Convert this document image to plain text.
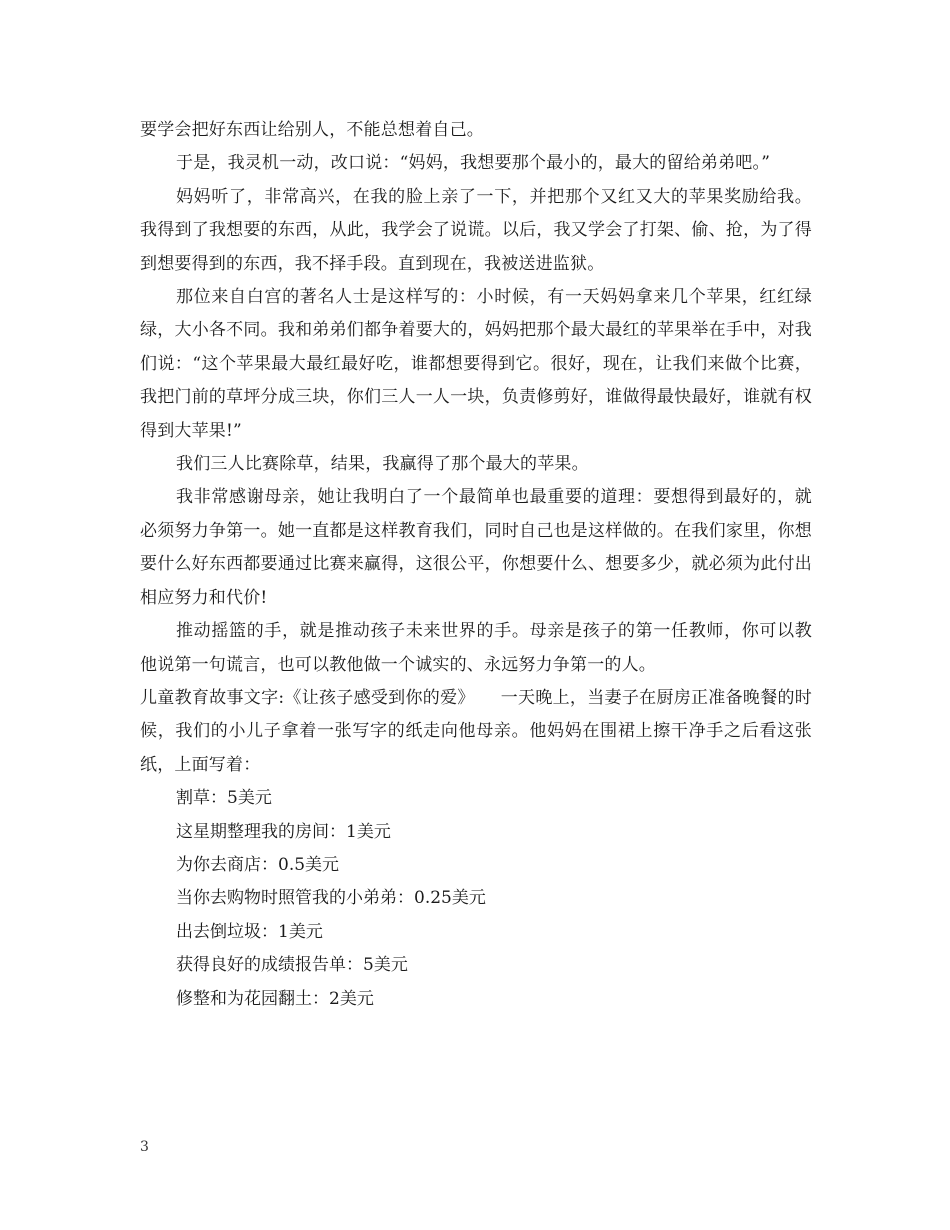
要学会把好东西让给别人，不能总想着自己。

于是，我灵机一动，改口说：“妈妈，我想要那个最小的，最大的留给弟弟吧。”

妈妈听了，非常高兴，在我的脸上亲了一下，并把那个又红又大的苹果奖励给我。我得到了我想要的东西，从此，我学会了说谎。以后，我又学会了打架、偷、抢，为了得到想要得到的东西，我不择手段。直到现在，我被送进监狱。

那位来自白宫的著名人士是这样写的：小时候，有一天妈妈拿来几个苹果，红红绿绿，大小各不同。我和弟弟们都争着要大的，妈妈把那个最大最红的苹果举在手中，对我们说：“这个苹果最大最红最好吃，谁都想要得到它。很好，现在，让我们来做个比赛，我把门前的草坪分成三块，你们三人一人一块，负责修剪好，谁做得最快最好，谁就有权得到大苹果!”

我们三人比赛除草，结果，我赢得了那个最大的苹果。

我非常感谢母亲，她让我明白了一个最简单也最重要的道理：要想得到最好的，就必须努力争第一。她一直都是这样教育我们，同时自己也是这样做的。在我们家里，你想要什么好东西都要通过比赛来赢得，这很公平，你想要什么、想要多少，就必须为此付出相应努力和代价!

推动摇篮的手，就是推动孩子未来世界的手。母亲是孩子的第一任教师，你可以教他说第一句谎言，也可以教他做一个诚实的、永远努力争第一的人。

儿童教育故事文字:《让孩子感受到你的爱》　　一天晚上，当妻子在厨房正准备晚餐的时候，我们的小儿子拿着一张写字的纸走向他母亲。他妈妈在围裙上擦干净手之后看这张纸，上面写着：

割草：5美元

这星期整理我的房间：1美元

为你去商店：0.5美元

当你去购物时照管我的小弟弟：0.25美元

出去倒垃圾：1美元

获得良好的成绩报告单：5美元

修整和为花园翻土：2美元

3
